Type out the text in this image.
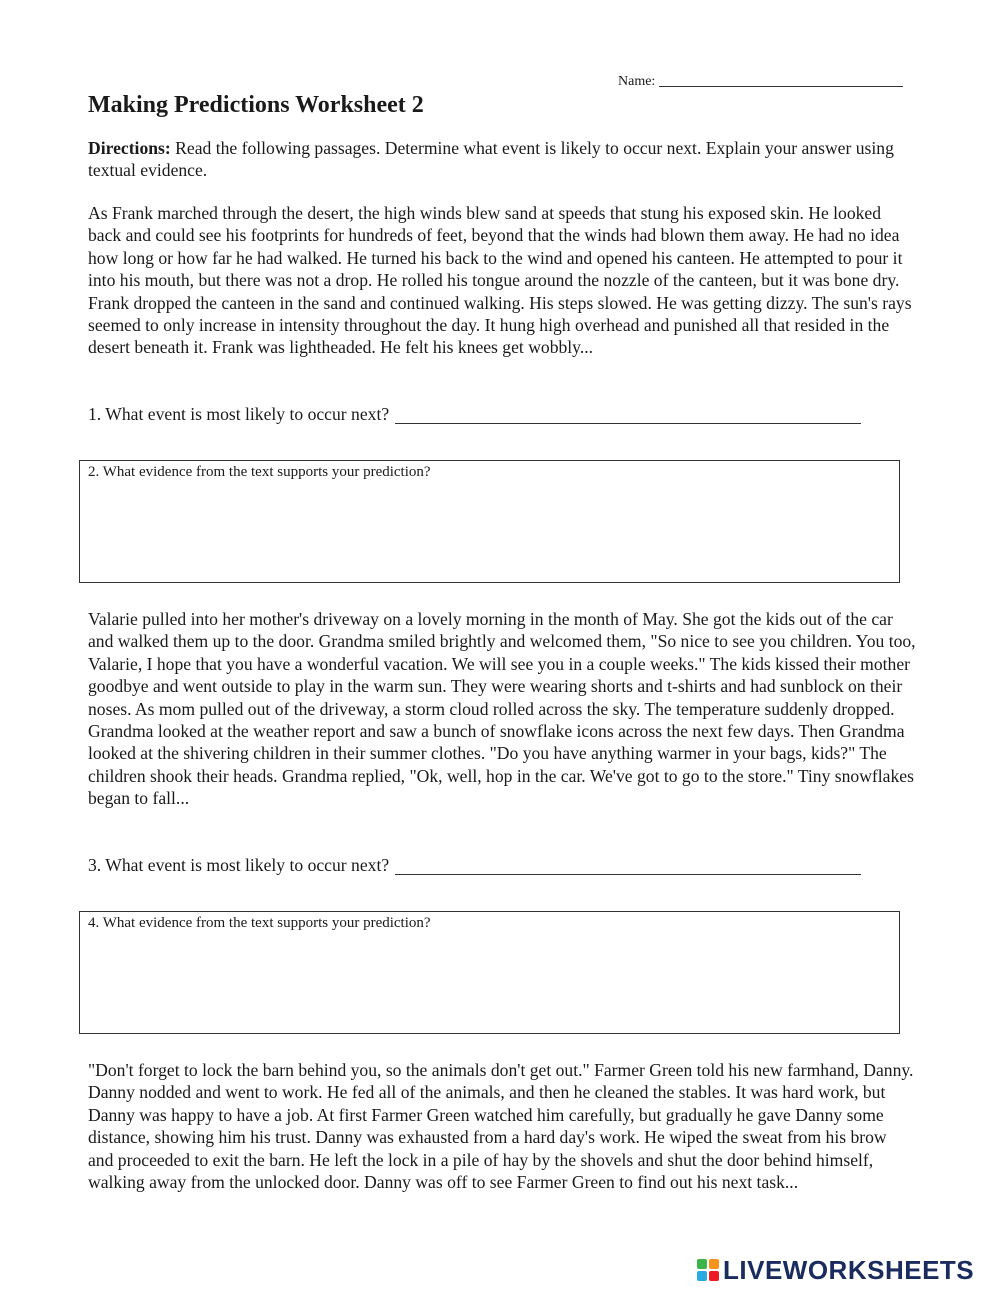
Name:
Making Predictions Worksheet 2

Directions: Read the following passages. Determine what event is likely to occur next. Explain your answer using textual evidence.

As Frank marched through the desert, the high winds blew sand at speeds that stung his exposed skin. He looked back and could see his footprints for hundreds of feet, beyond that the winds had blown them away. He had no idea how long or how far he had walked. He turned his back to the wind and opened his canteen. He attempted to pour it into his mouth, but there was not a drop. He rolled his tongue around the nozzle of the canteen, but it was bone dry. Frank dropped the canteen in the sand and continued walking. His steps slowed. He was getting dizzy. The sun's rays seemed to only increase in intensity throughout the day. It hung high overhead and punished all that resided in the desert beneath it. Frank was lightheaded. He felt his knees get wobbly...

1. What event is most likely to occur next?
2. What evidence from the text supports your prediction?

Valarie pulled into her mother's driveway on a lovely morning in the month of May. She got the kids out of the car and walked them up to the door. Grandma smiled brightly and welcomed them, "So nice to see you children. You too, Valarie, I hope that you have a wonderful vacation. We will see you in a couple weeks." The kids kissed their mother goodbye and went outside to play in the warm sun. They were wearing shorts and t-shirts and had sunblock on their noses. As mom pulled out of the driveway, a storm cloud rolled across the sky. The temperature suddenly dropped. Grandma looked at the weather report and saw a bunch of snowflake icons across the next few days. Then Grandma looked at the shivering children in their summer clothes. "Do you have anything warmer in your bags, kids?" The children shook their heads. Grandma replied, "Ok, well, hop in the car. We've got to go to the store." Tiny snowflakes began to fall...

3. What event is most likely to occur next?
4. What evidence from the text supports your prediction?

"Don't forget to lock the barn behind you, so the animals don't get out." Farmer Green told his new farmhand, Danny. Danny nodded and went to work. He fed all of the animals, and then he cleaned the stables. It was hard work, but Danny was happy to have a job. At first Farmer Green watched him carefully, but gradually he gave Danny some distance, showing him his trust. Danny was exhausted from a hard day's work. He wiped the sweat from his brow and proceeded to exit the barn. He left the lock in a pile of hay by the shovels and shut the door behind himself, walking away from the unlocked door. Danny was off to see Farmer Green to find out his next task...

LIVEWORKSHEETS
